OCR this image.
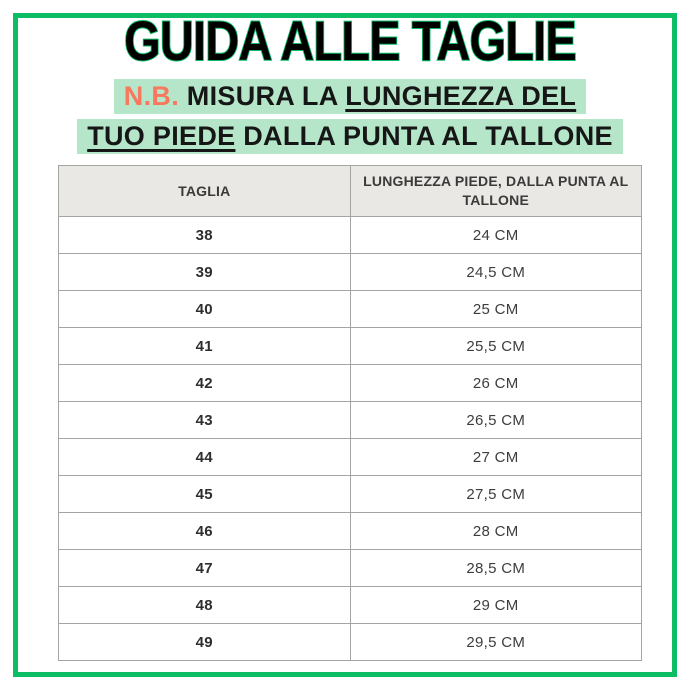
GUIDA ALLE TAGLIE
N.B. MISURA LA LUNGHEZZA DEL
TUO PIEDE DALLA PUNTA AL TALLONE
TAGLIA	LUNGHEZZA PIEDE, DALLA PUNTA AL TALLONE
38	24 CM
39	24,5 CM
40	25 CM
41	25,5 CM
42	26 CM
43	26,5 CM
44	27 CM
45	27,5 CM
46	28 CM
47	28,5 CM
48	29 CM
49	29,5 CM
